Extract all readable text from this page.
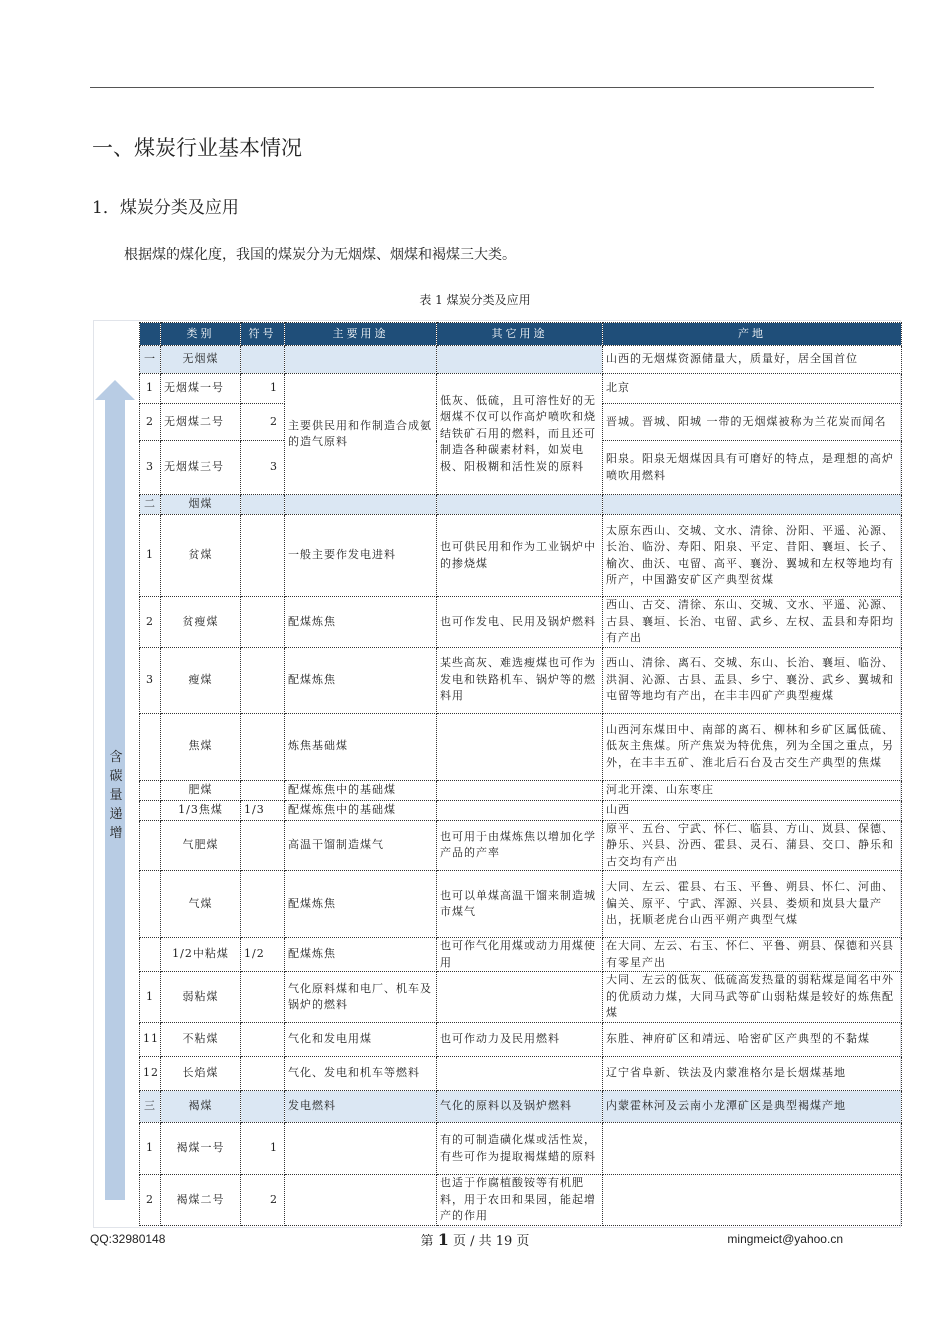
一、煤炭行业基本情况
1．煤炭分类及应用
根据煤的煤化度，我国的煤炭分为无烟煤、烟煤和褐煤三大类。
表 1 煤炭分类及应用
含碳量递增
	类别	符号	主要用途	其它用途	产地
一	无烟煤				山西的无烟煤资源储量大，质量好，居全国首位
1	无烟煤一号	1	主要供民用和作制造合成氨的造气原料	低灰、低硫，且可溶性好的无烟煤不仅可以作高炉喷吹和烧结铁矿石用的燃料，而且还可制造各种碳素材料，如炭电极、阳极糊和活性炭的原料	北京
2	无烟煤二号	2			晋城。晋城、阳城 一带的无烟煤被称为兰花炭而闻名
3	无烟煤三号	3			阳泉。阳泉无烟煤因具有可磨好的特点，是理想的高炉喷吹用燃料
二	烟煤				
1	贫煤		一般主要作发电进料	也可供民用和作为工业锅炉中的掺烧煤	太原东西山、交城、文水、清徐、汾阳、平遥、沁源、长治、临汾、寿阳、阳泉、平定、昔阳、襄垣、长子、榆次、曲沃、屯留、高平、襄汾、翼城和左权等地均有所产，中国潞安矿区产典型贫煤
2	贫瘦煤		配煤炼焦	也可作发电、民用及锅炉燃料	西山、古交、清徐、东山、交城、文水、平遥、沁源、古县、襄垣、长治、屯留、武乡、左权、盂县和寿阳均有产出
3	瘦煤		配煤炼焦	某些高灰、难选瘦煤也可作为发电和铁路机车、锅炉等的燃料用	西山、清徐、离石、交城、东山、长治、襄垣、临汾、洪洞、沁源、古县、盂县、乡宁、襄汾、武乡、翼城和屯留等地均有产出，在丰丰四矿产典型瘦煤
	焦煤		炼焦基础煤		山西河东煤田中、南部的离石、柳林和乡矿区属低硫、低灰主焦煤。所产焦炭为特优焦，列为全国之重点，另外，在丰丰五矿、淮北后石台及古交生产典型的焦煤
	肥煤		配煤炼焦中的基础煤		河北开滦、山东枣庄
	1/3焦煤	1/3	配煤炼焦中的基础煤		山西
	气肥煤		高温干馏制造煤气	也可用于由煤炼焦以增加化学产品的产率	原平、五台、宁武、怀仁、临县、方山、岚县、保德、静乐、兴县、汾西、霍县、灵石、蒲县、交口、静乐和古交均有产出
	气煤		配煤炼焦	也可以单煤高温干馏来制造城市煤气	大同、左云、霍县、右玉、平鲁、朔县、怀仁、河曲、偏关、原平、宁武、浑源、兴县、娄烦和岚县大量产出，抚顺老虎台山西平朔产典型气煤
	1/2中粘煤	1/2	配煤炼焦	也可作气化用煤或动力用煤使用	在大同、左云、右玉、怀仁、平鲁、朔县、保德和兴县有零星产出
1	弱粘煤		气化原料煤和电厂、机车及锅炉的燃料		大同、左云的低灰、低硫高发热量的弱粘煤是闻名中外的优质动力煤，大同马武等矿山弱粘煤是较好的炼焦配煤
11	不粘煤		气化和发电用煤	也可作动力及民用燃料	东胜、神府矿区和靖远、哈密矿区产典型的不黏煤
12	长焰煤		气化、发电和机车等燃料		辽宁省阜新、铁法及内蒙准格尔是长烟煤基地
三	褐煤		发电燃料	气化的原料以及锅炉燃料	内蒙霍林河及云南小龙潭矿区是典型褐煤产地
1	褐煤一号	1		有的可制造磺化煤或活性炭，有些可作为提取褐煤蜡的原料	
2	褐煤二号	2		也适于作腐植酸铵等有机肥料，用于农田和果园，能起增产的作用	
QQ:32980148	第 1 页 / 共 19 页	mingmeict@yahoo.cn
